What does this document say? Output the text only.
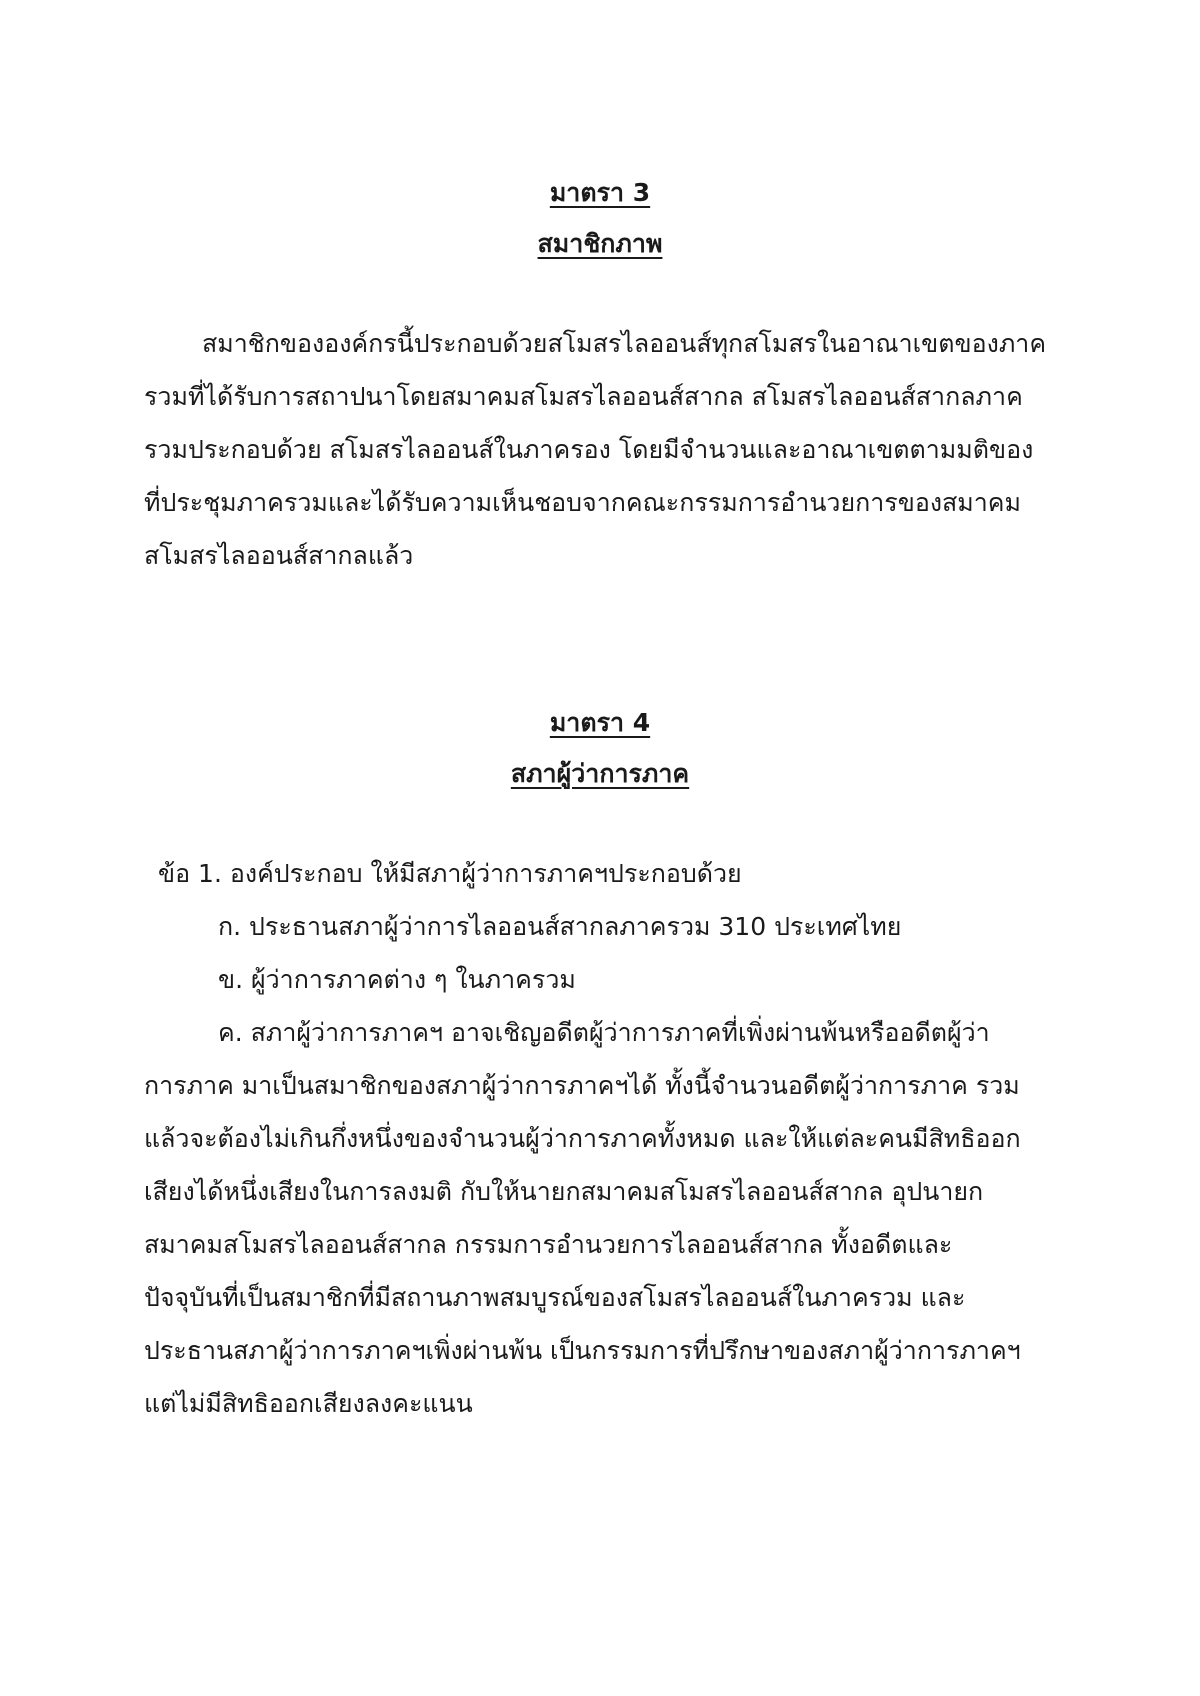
มาตรา 3
สมาชิกภาพ
สมาชิกขององค์กรนี้ประกอบด้วยสโมสรไลออนส์ทุกสโมสรในอาณาเขตของภาค
รวมที่ได้รับการสถาปนาโดยสมาคมสโมสรไลออนส์สากล สโมสรไลออนส์สากลภาค
รวมประกอบด้วย สโมสรไลออนส์ในภาครอง โดยมีจำนวนและอาณาเขตตามมติของ
ที่ประชุมภาครวมและได้รับความเห็นชอบจากคณะกรรมการอำนวยการของสมาคม
สโมสรไลออนส์สากลแล้ว
มาตรา 4
สภาผู้ว่าการภาค
ข้อ 1. องค์ประกอบ ให้มีสภาผู้ว่าการภาคฯประกอบด้วย
ก. ประธานสภาผู้ว่าการไลออนส์สากลภาครวม 310 ประเทศไทย
ข. ผู้ว่าการภาคต่าง ๆ ในภาครวม
ค. สภาผู้ว่าการภาคฯ อาจเชิญอดีตผู้ว่าการภาคที่เพิ่งผ่านพ้นหรืออดีตผู้ว่า
การภาค มาเป็นสมาชิกของสภาผู้ว่าการภาคฯได้ ทั้งนี้จำนวนอดีตผู้ว่าการภาค รวม
แล้วจะต้องไม่เกินกึ่งหนึ่งของจำนวนผู้ว่าการภาคทั้งหมด และให้แต่ละคนมีสิทธิออก
เสียงได้หนึ่งเสียงในการลงมติ กับให้นายกสมาคมสโมสรไลออนส์สากล อุปนายก
สมาคมสโมสรไลออนส์สากล กรรมการอำนวยการไลออนส์สากล ทั้งอดีตและ
ปัจจุบันที่เป็นสมาชิกที่มีสถานภาพสมบูรณ์ของสโมสรไลออนส์ในภาครวม และ
ประธานสภาผู้ว่าการภาคฯเพิ่งผ่านพ้น เป็นกรรมการที่ปรึกษาของสภาผู้ว่าการภาคฯ
แต่ไม่มีสิทธิออกเสียงลงคะแนน
